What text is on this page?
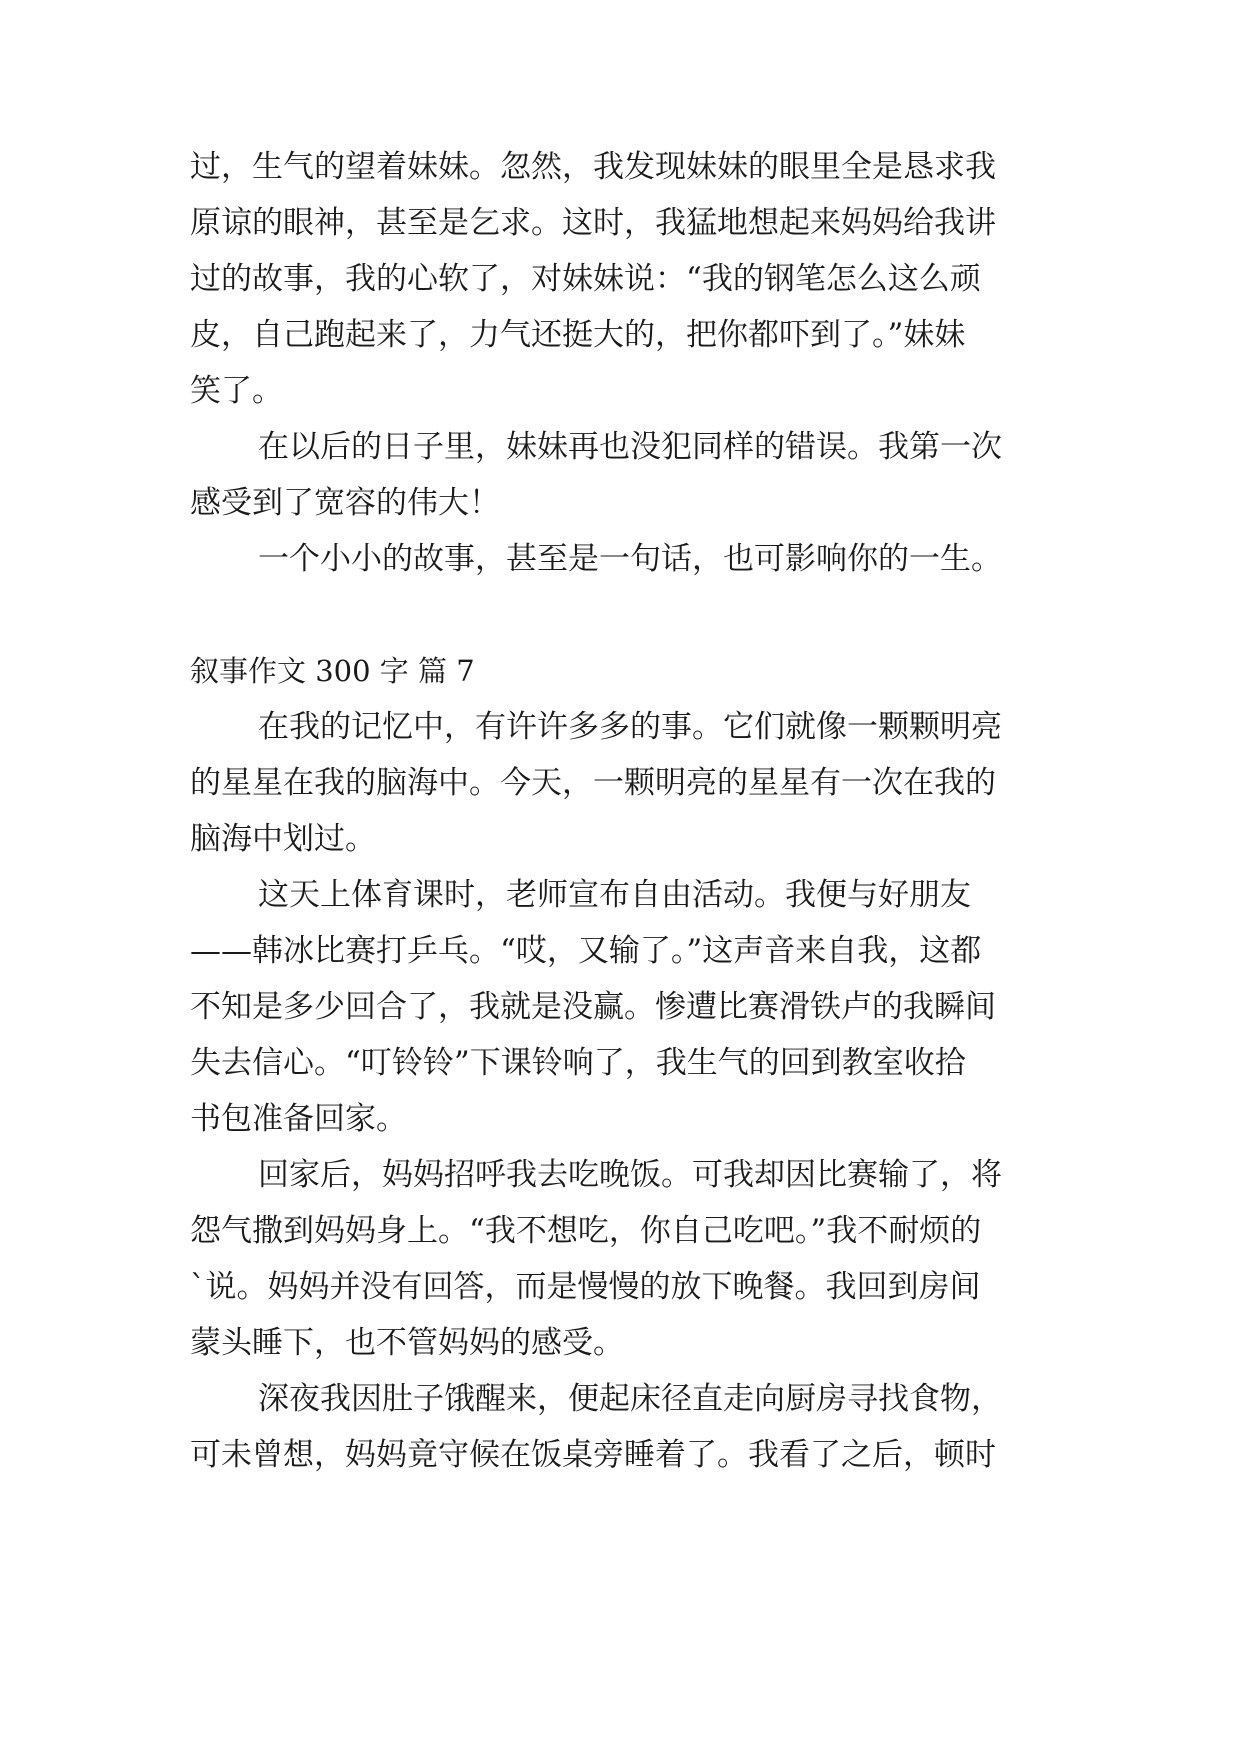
过，生气的望着妹妹。忽然，我发现妹妹的眼里全是恳求我
原谅的眼神，甚至是乞求。这时，我猛地想起来妈妈给我讲
过的故事，我的心软了，对妹妹说：“我的钢笔怎么这么顽
皮，自己跑起来了，力气还挺大的，把你都吓到了。”妹妹
笑了。
在以后的日子里，妹妹再也没犯同样的错误。我第一次
感受到了宽容的伟大！
一个小小的故事，甚至是一句话，也可影响你的一生。
叙事作文 300 字 篇 7
在我的记忆中，有许许多多的事。它们就像一颗颗明亮
的星星在我的脑海中。今天，一颗明亮的星星有一次在我的
脑海中划过。
这天上体育课时，老师宣布自由活动。我便与好朋友
——韩冰比赛打乒乓。“哎，又输了。”这声音来自我，这都
不知是多少回合了，我就是没赢。惨遭比赛滑铁卢的我瞬间
失去信心。“叮铃铃”下课铃响了，我生气的回到教室收拾
书包准备回家。
回家后，妈妈招呼我去吃晚饭。可我却因比赛输了，将
怨气撒到妈妈身上。“我不想吃，你自己吃吧。”我不耐烦的
`说。妈妈并没有回答，而是慢慢的放下晚餐。我回到房间
蒙头睡下，也不管妈妈的感受。
深夜我因肚子饿醒来，便起床径直走向厨房寻找食物，
可未曾想，妈妈竟守候在饭桌旁睡着了。我看了之后，顿时
